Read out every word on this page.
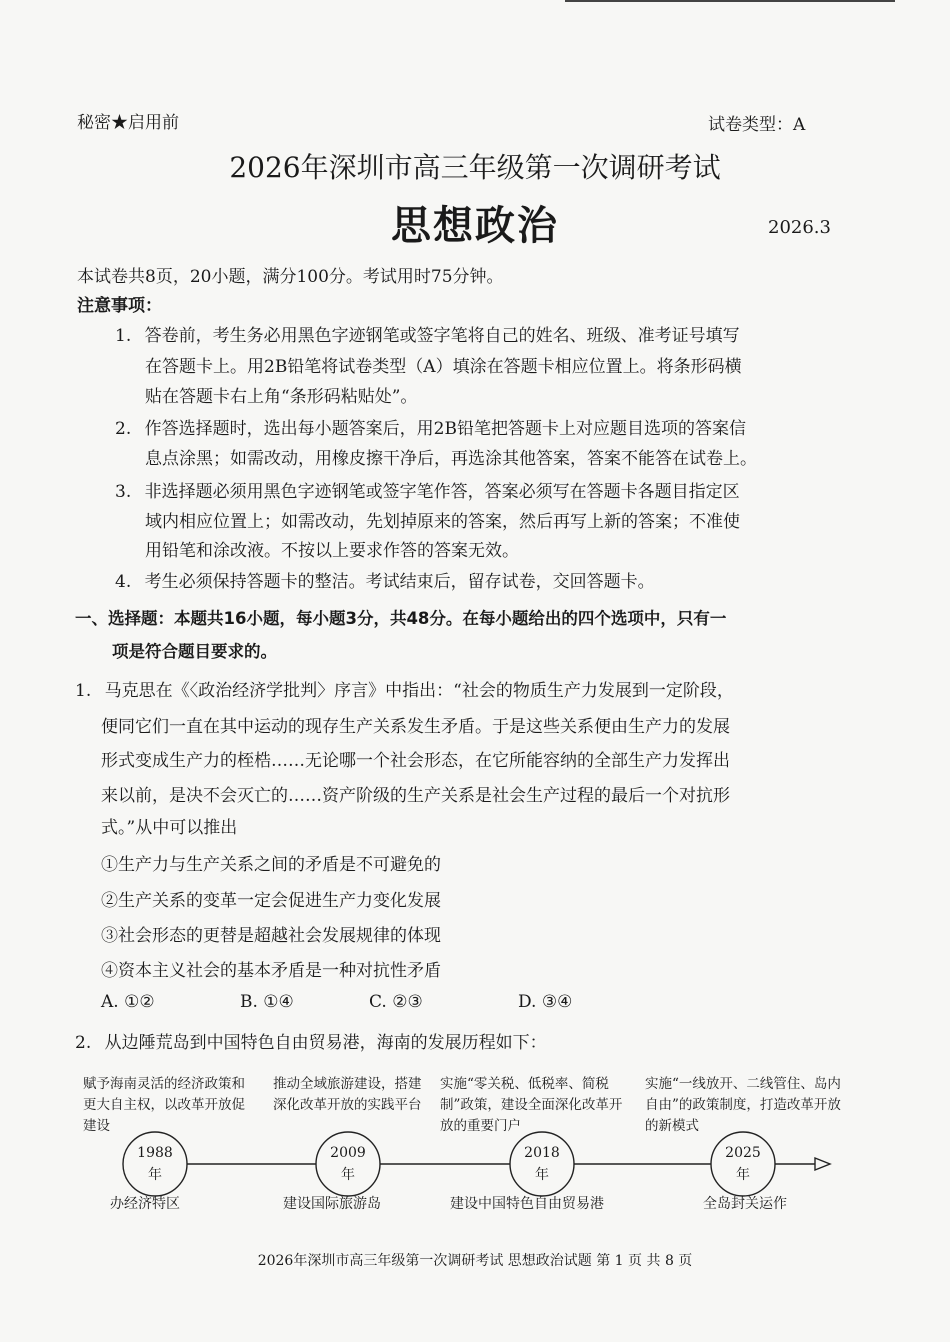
秘密★启用前	试卷类型：A
2026年深圳市高三年级第一次调研考试
思想政治	2026.3
本试卷共8页，20小题，满分100分。考试用时75分钟。
注意事项：
1. 答卷前，考生务必用黑色字迹钢笔或签字笔将自己的姓名、班级、准考证号填写
在答题卡上。用2B铅笔将试卷类型（A）填涂在答题卡相应位置上。将条形码横
贴在答题卡右上角“条形码粘贴处”。
2. 作答选择题时，选出每小题答案后，用2B铅笔把答题卡上对应题目选项的答案信
息点涂黑；如需改动，用橡皮擦干净后，再选涂其他答案，答案不能答在试卷上。
3. 非选择题必须用黑色字迹钢笔或签字笔作答，答案必须写在答题卡各题目指定区
域内相应位置上；如需改动，先划掉原来的答案，然后再写上新的答案；不准使
用铅笔和涂改液。不按以上要求作答的答案无效。
4. 考生必须保持答题卡的整洁。考试结束后，留存试卷，交回答题卡。
一、选择题：本题共16小题，每小题3分，共48分。在每小题给出的四个选项中，只有一
项是符合题目要求的。
1. 马克思在《〈政治经济学批判〉序言》中指出：“社会的物质生产力发展到一定阶段，
便同它们一直在其中运动的现存生产关系发生矛盾。于是这些关系便由生产力的发展
形式变成生产力的桎梏……无论哪一个社会形态，在它所能容纳的全部生产力发挥出
来以前，是决不会灭亡的……资产阶级的生产关系是社会生产过程的最后一个对抗形
式。”从中可以推出
①生产力与生产关系之间的矛盾是不可避免的
②生产关系的变革一定会促进生产力变化发展
③社会形态的更替是超越社会发展规律的体现
④资本主义社会的基本矛盾是一种对抗性矛盾
A. ①②	B. ①④	C. ②③	D. ③④
2. 从边陲荒岛到中国特色自由贸易港，海南的发展历程如下：
赋予海南灵活的经济政策和更大自主权，以改革开放促建设
推动全域旅游建设，搭建深化改革开放的实践平台
实施“零关税、低税率、简税制”政策，建设全面深化改革开放的重要门户
实施“一线放开、二线管住、岛内自由”的政策制度，打造改革开放的新模式
1988
年
2009
年
2018
年
2025
年
办经济特区	建设国际旅游岛	建设中国特色自由贸易港	全岛封关运作
2026年深圳市高三年级第一次调研考试 思想政治试题 第 1 页 共 8 页
